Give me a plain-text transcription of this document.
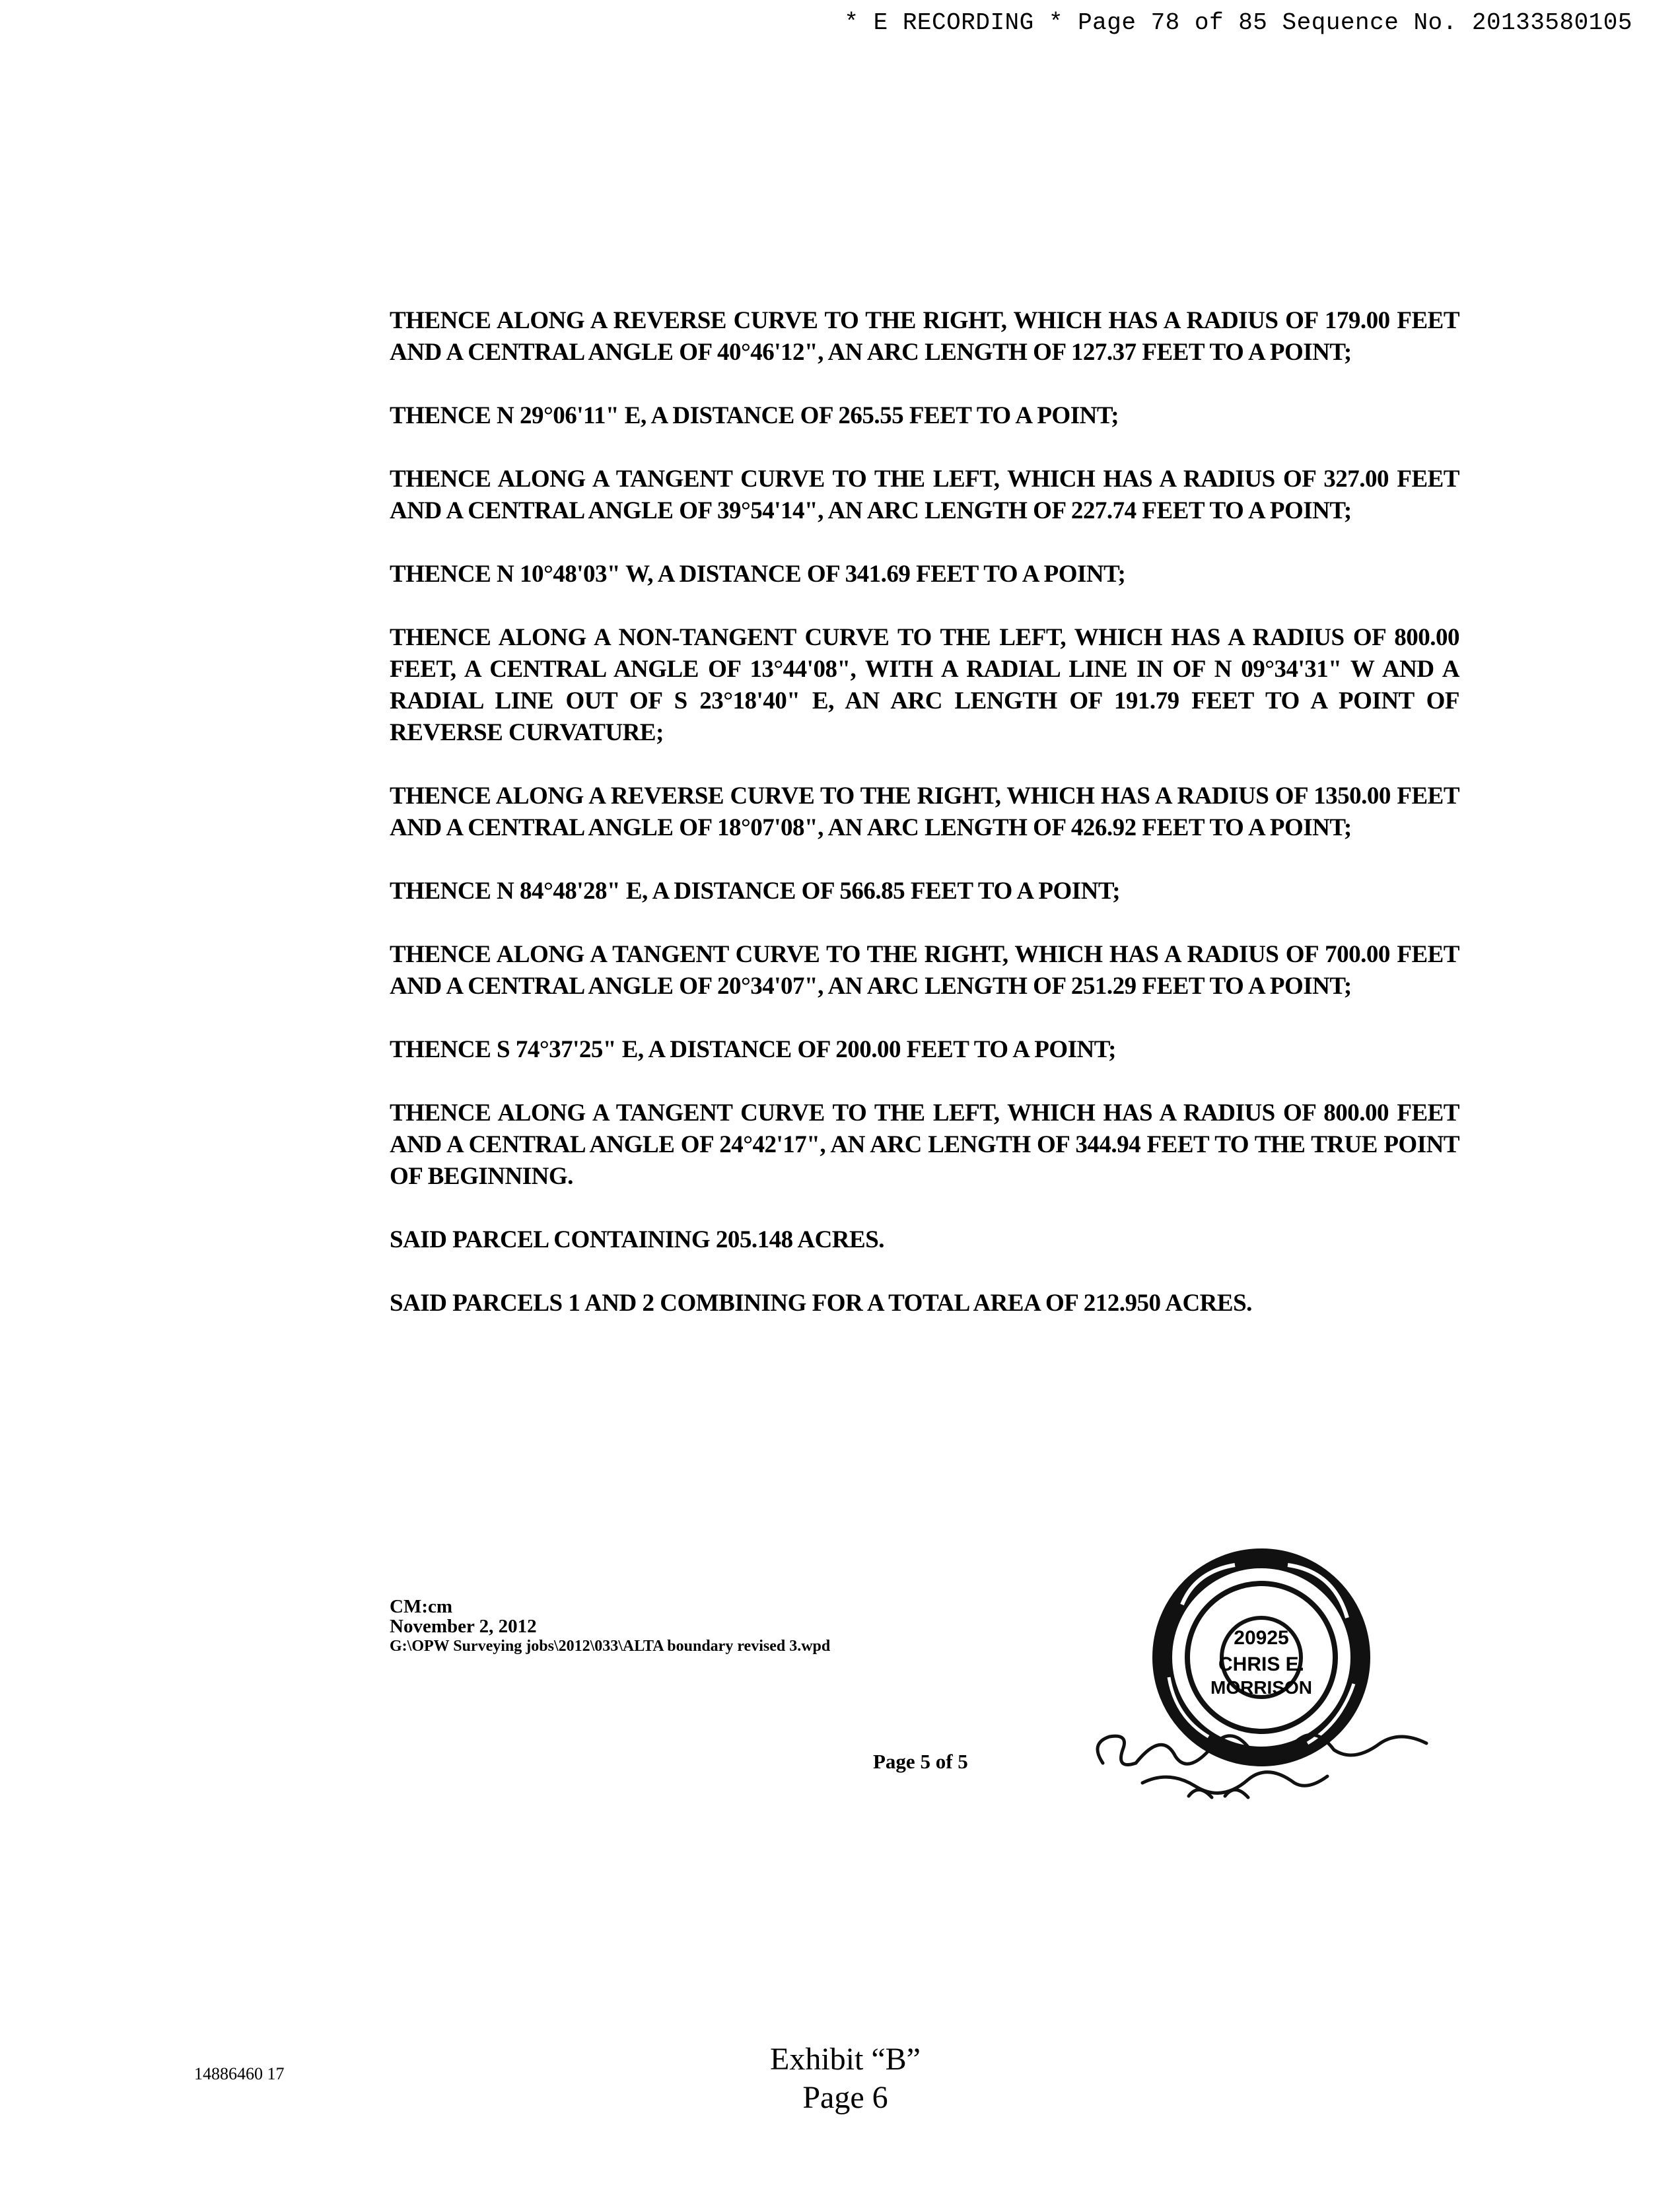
* E RECORDING * Page 78 of 85 Sequence No. 20133580105

THENCE ALONG A REVERSE CURVE TO THE RIGHT, WHICH HAS A RADIUS OF 179.00 FEET AND A CENTRAL ANGLE OF 40°46'12", AN ARC LENGTH OF 127.37 FEET TO A POINT;

THENCE N 29°06'11" E, A DISTANCE OF 265.55 FEET TO A POINT;

THENCE ALONG A TANGENT CURVE TO THE LEFT, WHICH HAS A RADIUS OF 327.00 FEET AND A CENTRAL ANGLE OF 39°54'14", AN ARC LENGTH OF 227.74 FEET TO A POINT;

THENCE N 10°48'03" W, A DISTANCE OF 341.69 FEET TO A POINT;

THENCE ALONG A NON-TANGENT CURVE TO THE LEFT, WHICH HAS A RADIUS OF 800.00 FEET, A CENTRAL ANGLE OF 13°44'08", WITH A RADIAL LINE IN OF N 09°34'31" W AND A RADIAL LINE OUT OF S 23°18'40" E, AN ARC LENGTH OF 191.79 FEET TO A POINT OF REVERSE CURVATURE;

THENCE ALONG A REVERSE CURVE TO THE RIGHT, WHICH HAS A RADIUS OF 1350.00 FEET AND A CENTRAL ANGLE OF 18°07'08", AN ARC LENGTH OF 426.92 FEET TO A POINT;

THENCE N 84°48'28" E, A DISTANCE OF 566.85 FEET TO A POINT;

THENCE ALONG A TANGENT CURVE TO THE RIGHT, WHICH HAS A RADIUS OF 700.00 FEET AND A CENTRAL ANGLE OF 20°34'07", AN ARC LENGTH OF 251.29 FEET TO A POINT;

THENCE S 74°37'25" E, A DISTANCE OF 200.00 FEET TO A POINT;

THENCE ALONG A TANGENT CURVE TO THE LEFT, WHICH HAS A RADIUS OF 800.00 FEET AND A CENTRAL ANGLE OF 24°42'17", AN ARC LENGTH OF 344.94 FEET TO THE TRUE POINT OF BEGINNING.

SAID PARCEL CONTAINING 205.148 ACRES.

SAID PARCELS 1 AND 2 COMBINING FOR A TOTAL AREA OF 212.950 ACRES.

CM:cm
November 2, 2012
G:\OPW Surveying jobs\2012\033\ALTA boundary revised 3.wpd
Page 5 of 5
20925
CHRIS E.
MORRISON
14886460 17	Exhibit “B”
Page 6
